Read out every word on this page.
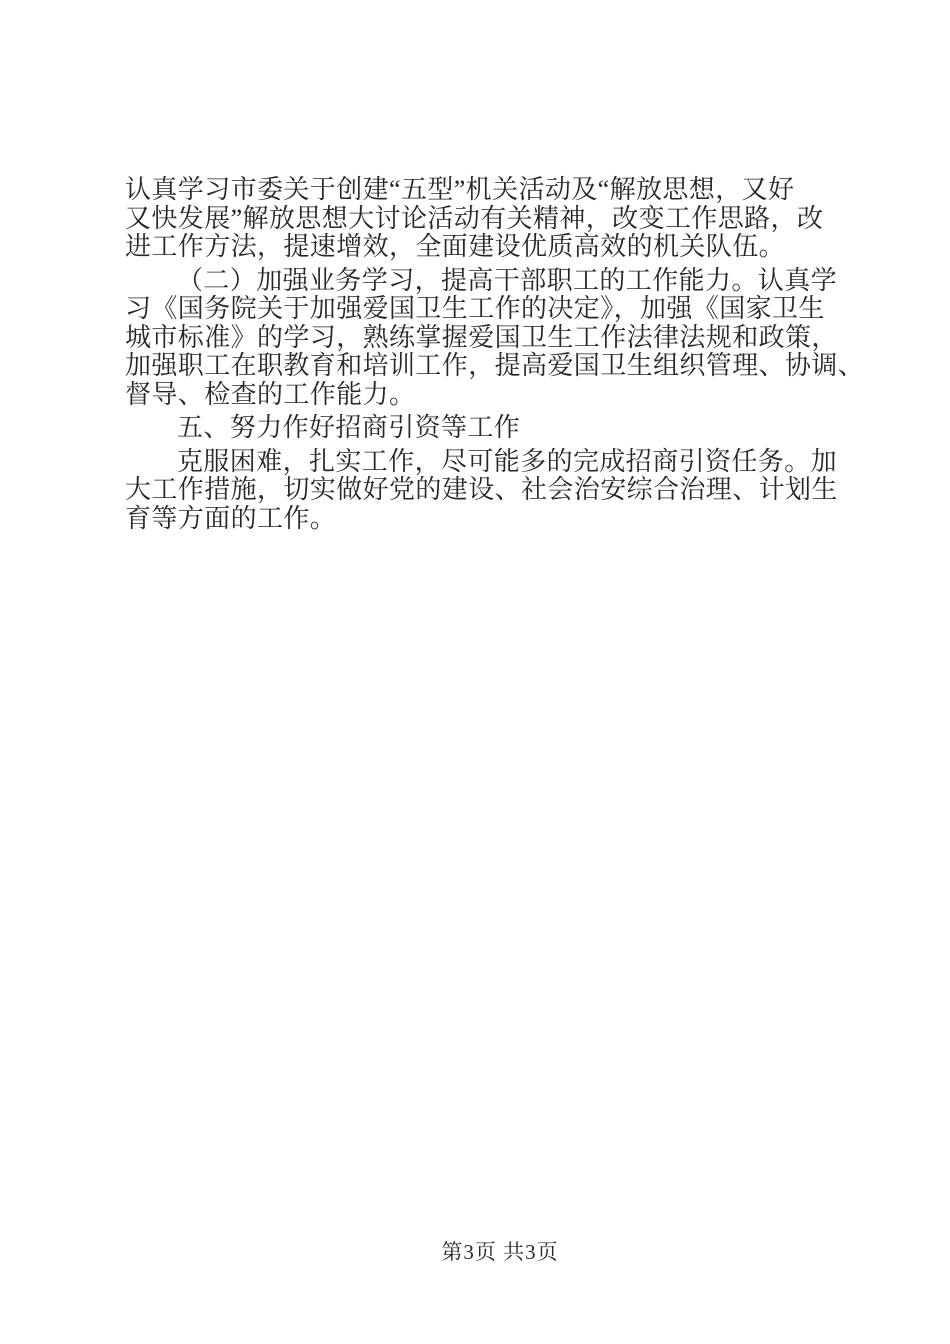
认真学习市委关于创建“五型”机关活动及“解放思想，又好
又快发展”解放思想大讨论活动有关精神，改变工作思路，改
进工作方法，提速增效，全面建设优质高效的机关队伍。

（二）加强业务学习，提高干部职工的工作能力。认真学
习《国务院关于加强爱国卫生工作的决定》，加强《国家卫生
城市标准》的学习，熟练掌握爱国卫生工作法律法规和政策，
加强职工在职教育和培训工作，提高爱国卫生组织管理、协调、
督导、检查的工作能力。

五、努力作好招商引资等工作

克服困难，扎实工作，尽可能多的完成招商引资任务。加
大工作措施，切实做好党的建设、社会治安综合治理、计划生
育等方面的工作。

第3页 共3页
